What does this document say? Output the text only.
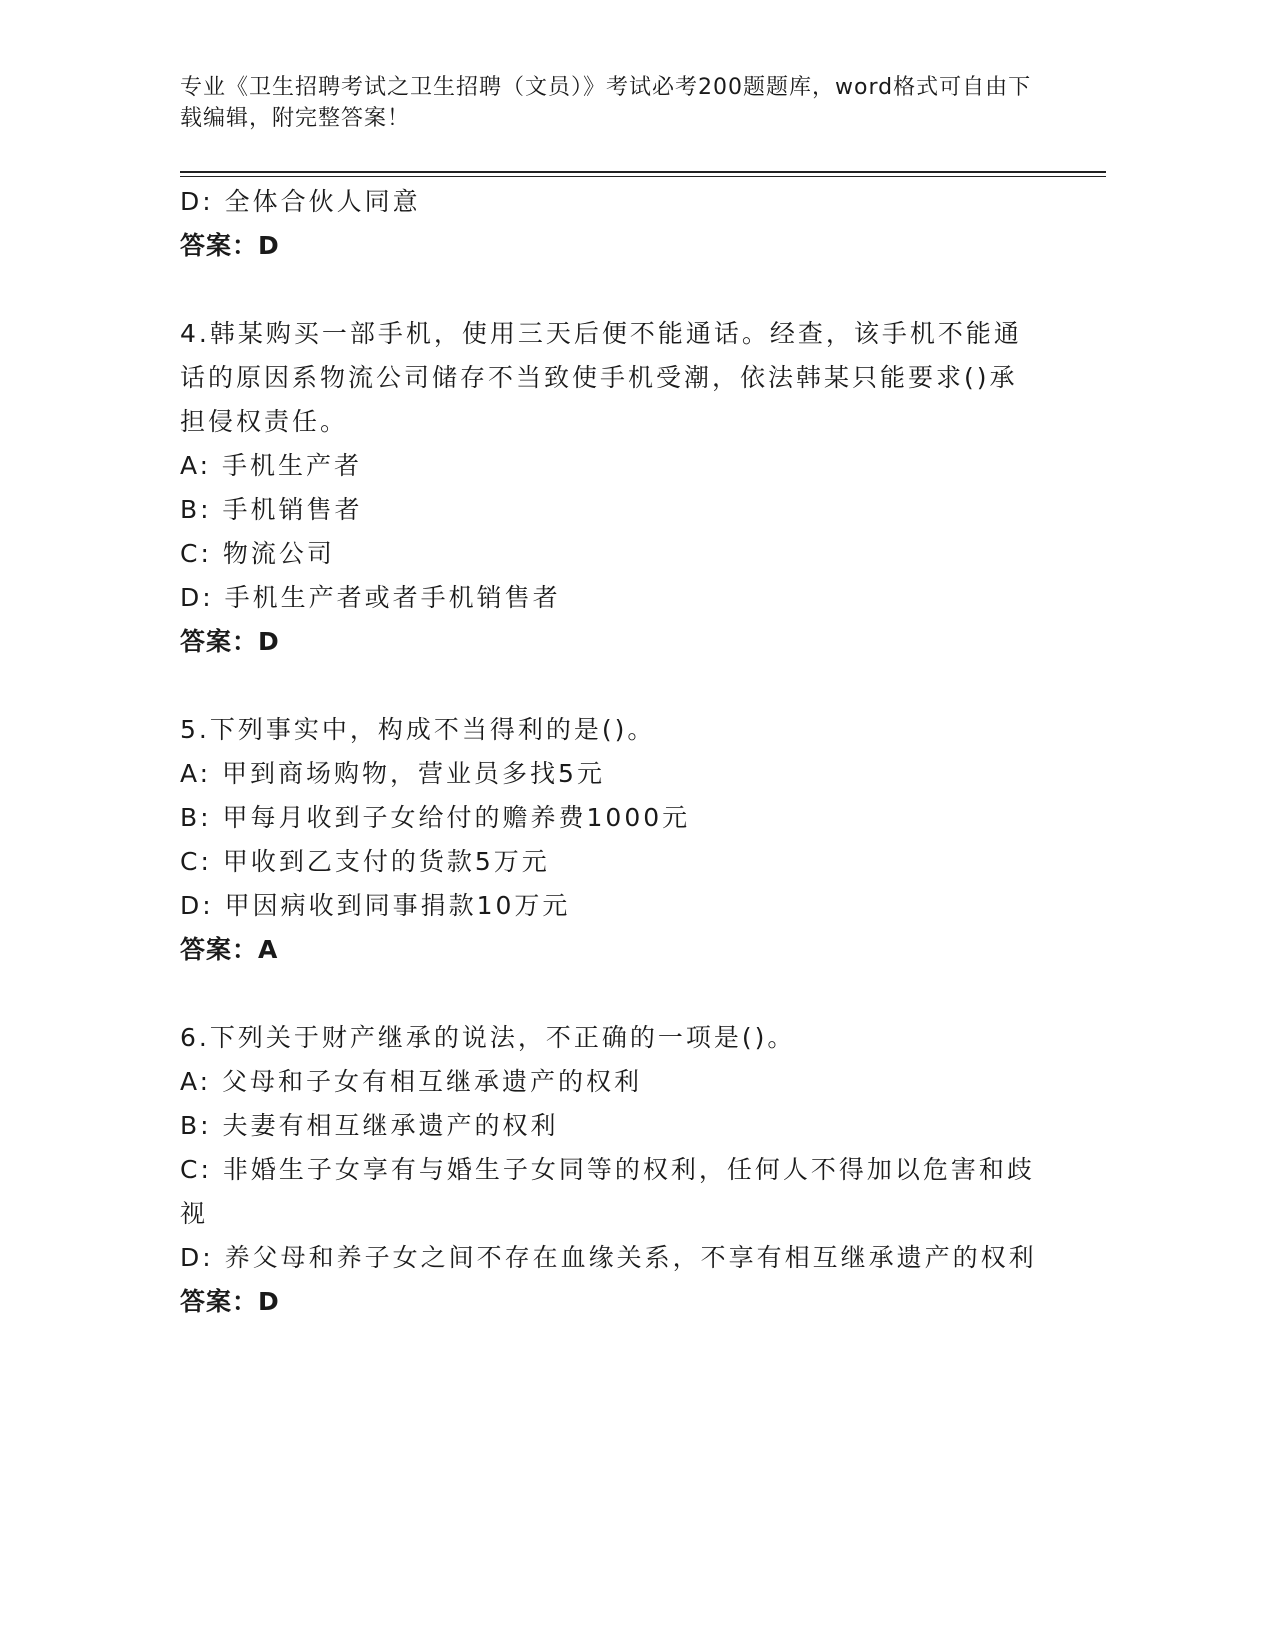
专业《卫生招聘考试之卫生招聘（文员）》考试必考200题题库，word格式可自由下载编辑，附完整答案！
D: 全体合伙人同意
答案：D
4.韩某购买一部手机，使用三天后便不能通话。经查，该手机不能通话的原因系物流公司储存不当致使手机受潮，依法韩某只能要求()承担侵权责任。
A: 手机生产者
B: 手机销售者
C: 物流公司
D: 手机生产者或者手机销售者
答案：D
5.下列事实中，构成不当得利的是()。
A: 甲到商场购物，营业员多找5元
B: 甲每月收到子女给付的赡养费1000元
C: 甲收到乙支付的货款5万元
D: 甲因病收到同事捐款10万元
答案：A
6.下列关于财产继承的说法，不正确的一项是()。
A: 父母和子女有相互继承遗产的权利
B: 夫妻有相互继承遗产的权利
C: 非婚生子女享有与婚生子女同等的权利，任何人不得加以危害和歧视
D: 养父母和养子女之间不存在血缘关系，不享有相互继承遗产的权利
答案：D
